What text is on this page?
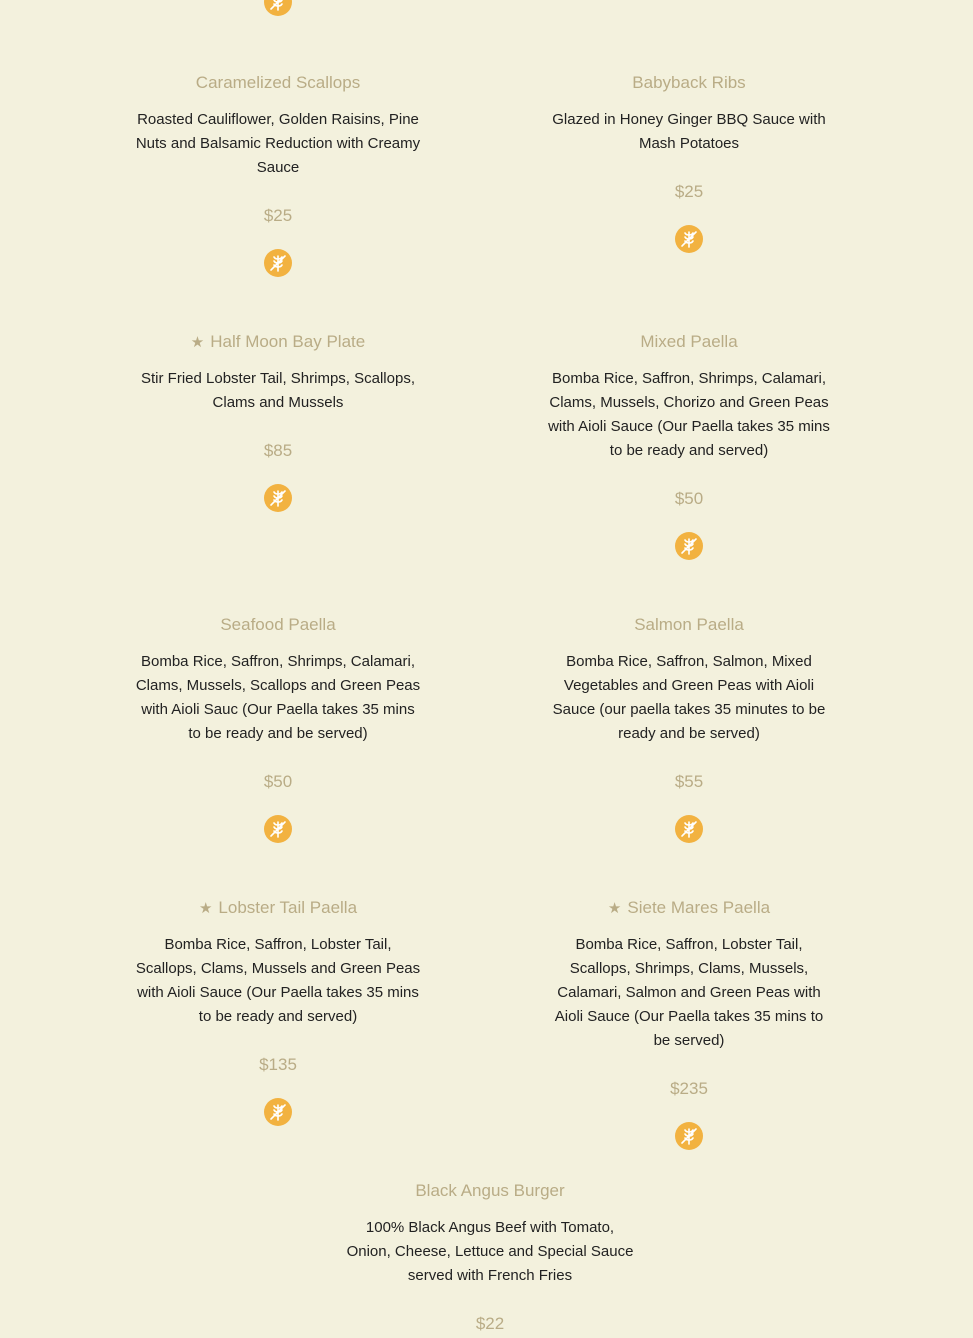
Caramelized Scallops
Roasted Cauliflower, Golden Raisins, Pine Nuts and Balsamic Reduction with Creamy Sauce
$25
Babyback Ribs
Glazed in Honey Ginger BBQ Sauce with Mash Potatoes
$25
★ Half Moon Bay Plate
Stir Fried Lobster Tail, Shrimps, Scallops, Clams and Mussels
$85
Mixed Paella
Bomba Rice, Saffron, Shrimps, Calamari, Clams, Mussels, Chorizo and Green Peas with Aioli Sauce (Our Paella takes 35 mins to be ready and served)
$50
Seafood Paella
Bomba Rice, Saffron, Shrimps, Calamari, Clams, Mussels, Scallops and Green Peas with Aioli Sauc (Our Paella takes 35 mins to be ready and be served)
$50
Salmon Paella
Bomba Rice, Saffron, Salmon, Mixed Vegetables and Green Peas with Aioli Sauce (our paella takes 35 minutes to be ready and be served)
$55
★ Lobster Tail Paella
Bomba Rice, Saffron, Lobster Tail, Scallops, Clams, Mussels and Green Peas with Aioli Sauce (Our Paella takes 35 mins to be ready and served)
$135
★ Siete Mares Paella
Bomba Rice, Saffron, Lobster Tail, Scallops, Shrimps, Clams, Mussels, Calamari, Salmon and Green Peas with Aioli Sauce (Our Paella takes 35 mins to be served)
$235
Black Angus Burger
100% Black Angus Beef with Tomato, Onion, Cheese, Lettuce and Special Sauce served with French Fries
$22
